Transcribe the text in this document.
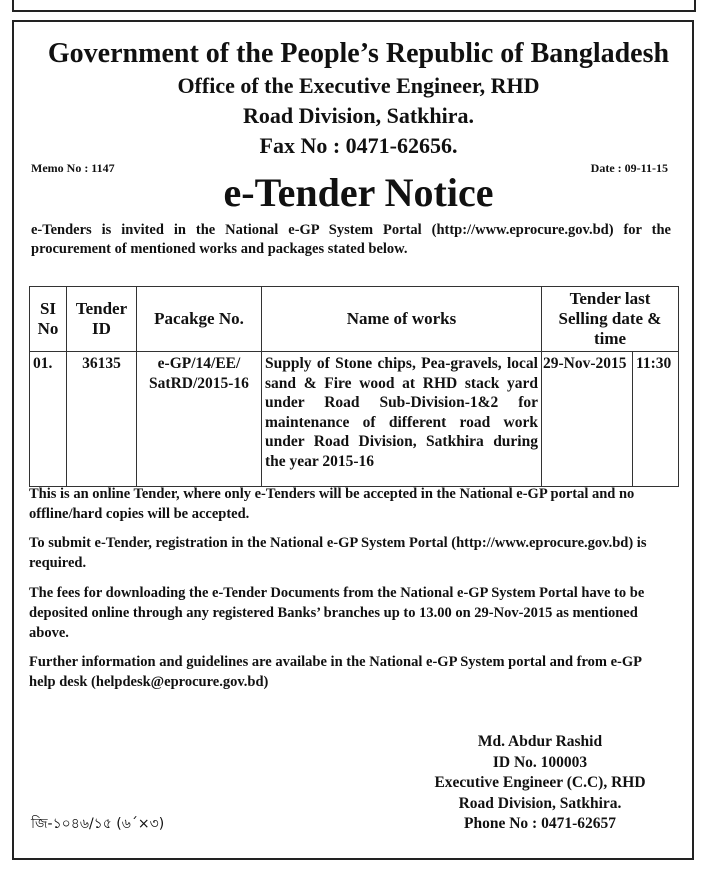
Government of the People’s Republic of Bangladesh
Office of the Executive Engineer, RHD
Road Division, Satkhira.
Fax No : 0471-62656.
Memo No : 1147	Date : 09-11-15
e-Tender Notice
e-Tenders is invited in the National e-GP System Portal (http://www.eprocure.gov.bd) for the procurement of mentioned works and packages stated below.
SI No	Tender ID	Pacakge No.	Name of works	Tender last Selling date & time	
01.	36135	e-GP/14/EE/ SatRD/2015-16	Supply of Stone chips, Pea-gravels, local sand & Fire wood at RHD stack yard under Road Sub-Division-1&2 for maintenance of different road work under Road Division, Satkhira during the year 2015-16	29-Nov-2015	11:30
This is an online Tender, where only e-Tenders will be accepted in the National e-GP portal and no offline/hard copies will be accepted.
To submit e-Tender, registration in the National e-GP System Portal (http://www.eprocure.gov.bd) is required.
The fees for downloading the e-Tender Documents from the National e-GP System Portal have to be deposited online through any registered Banks’ branches up to 13.00 on 29-Nov-2015 as mentioned above.
Further information and guidelines are availabe in the National e-GP System portal and from e-GP help desk (helpdesk@eprocure.gov.bd)
Md. Abdur Rashid
ID No. 100003
Executive Engineer (C.C), RHD
Road Division, Satkhira.
Phone No : 0471-62657
জি-১০৪৬/১৫ (৬´×৩)
